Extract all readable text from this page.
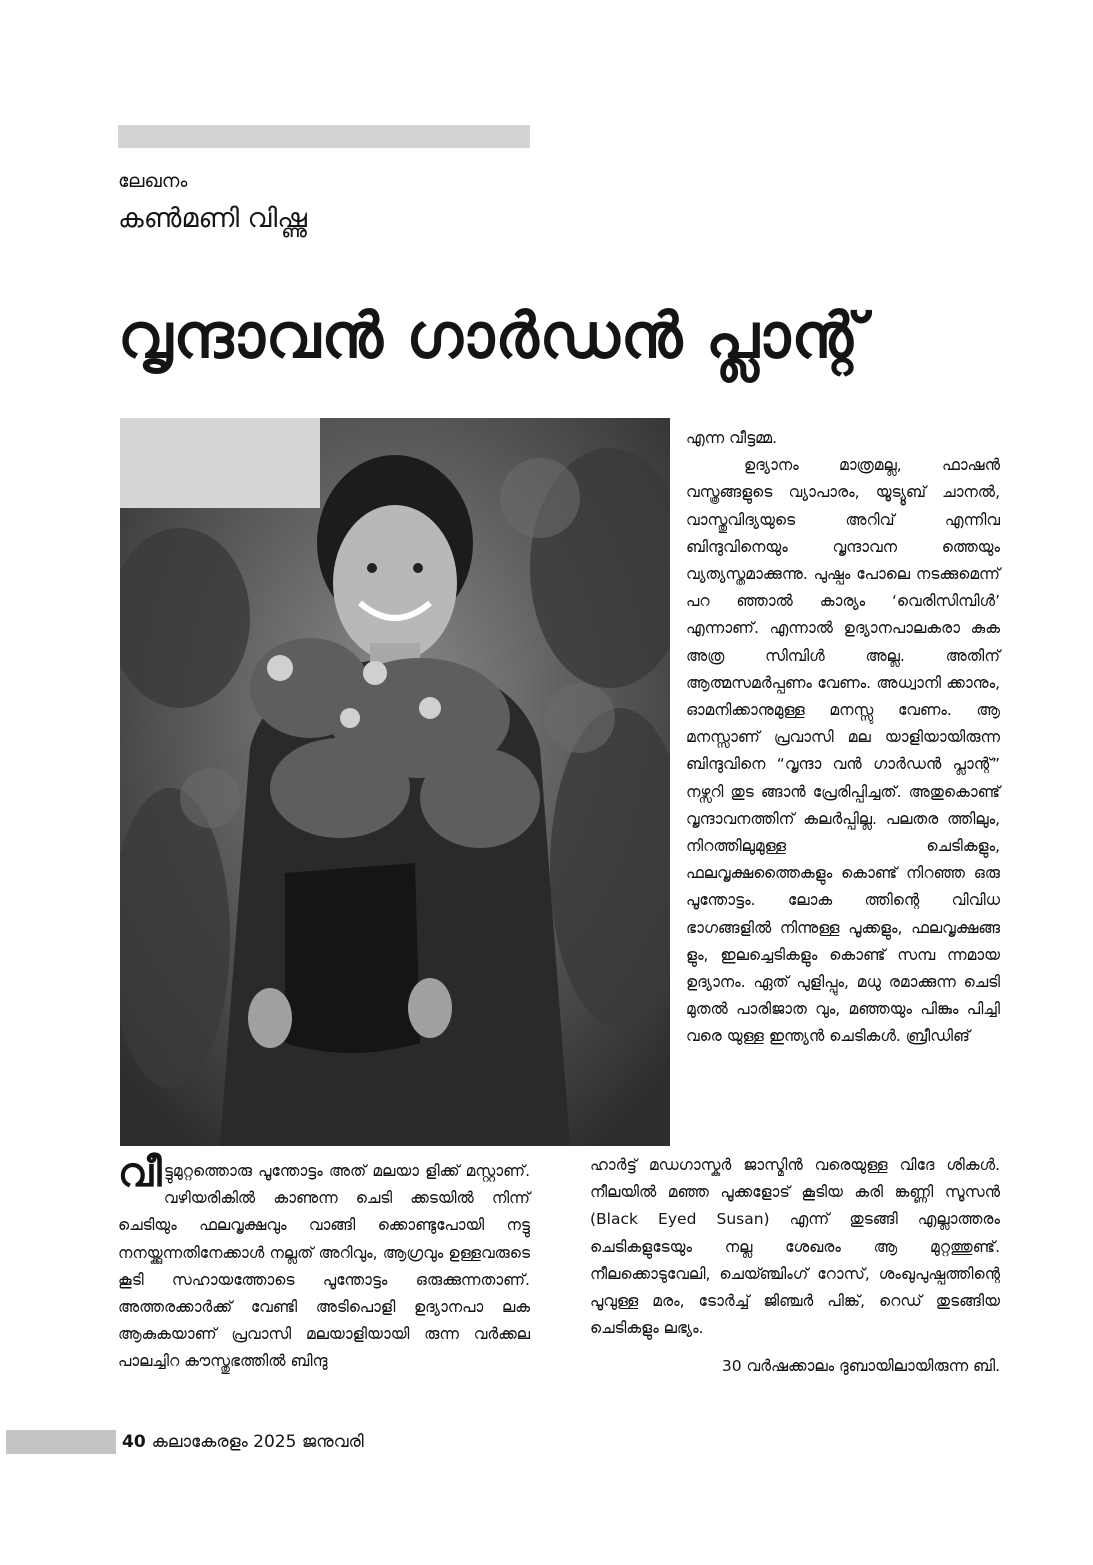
ലേഖനം

കൺമണി വിഷ്ണു

വൃന്ദാവൻ ഗാർഡൻ പ്ലാന്റ്

എന്ന വീട്ടമ്മ.

ഉദ്യാനം മാത്രമല്ല, ഫാഷൻ വസ്ത്രങ്ങളുടെ വ്യാപാരം, യൂട്യൂബ് ചാനൽ, വാസ്തുവിദ്യയുടെ അറിവ് എന്നിവ ബിന്ദുവിനെയും വൃന്ദാവന ത്തെയും വ്യത്യസ്തമാക്കുന്നു. പുഷ്പം പോലെ നടക്കുമെന്ന് പറ ഞ്ഞാൽ കാര്യം ‘വെരിസിമ്പിൾ’ എന്നാണ്. എന്നാൽ ഉദ്യാനപാലകരാ കുക അത്ര സിമ്പിൾ അല്ല. അതിന് ആത്മസമർപ്പണം വേണം. അധ്വാനി ക്കാനും, ഓമനിക്കാനുമുള്ള മനസ്സു വേണം. ആ മനസ്സാണ് പ്രവാസി മല യാളിയായിരുന്ന ബിന്ദുവിനെ “വൃന്ദാ വൻ ഗാർഡൻ പ്ലാന്റ്” നഴ്സറി തുട ങ്ങാൻ പ്രേരിപ്പിച്ചത്. അതുകൊണ്ട് വൃന്ദാവനത്തിന് കലർപ്പില്ല. പലതര ത്തിലും, നിറത്തിലുമുള്ള ചെടികളും, ഫലവൃക്ഷത്തൈകളും കൊണ്ട് നിറഞ്ഞ ഒരു പൂന്തോട്ടം. ലോക ത്തിന്റെ വിവിധ ഭാഗങ്ങളിൽ നിന്നുള്ള പൂക്കളും, ഫലവൃക്ഷങ്ങ ളും, ഇലച്ചെടികളും കൊണ്ട് സമ്പ ന്നമായ ഉദ്യാനം. ഏത് പുളിപ്പും, മധു രമാക്കുന്ന ചെടി മുതൽ പാരിജാത വും, മഞ്ഞയും പിങ്കും പിച്ചി വരെ യുള്ള ഇന്ത്യൻ ചെടികൾ. ബ്രീഡിങ്

വീട്ടുമുറ്റത്തൊരു പൂന്തോട്ടം അത് മലയാ ളിക്ക് മസ്റ്റാണ്. വഴിയരികിൽ കാണുന്ന ചെടി ക്കടയിൽ നിന്ന് ചെടിയും ഫലവൃക്ഷവും വാങ്ങി ക്കൊണ്ടുപോയി നട്ടു നനയ്ക്കുന്നതിനേക്കാൾ നല്ലത് അറിവും, ആഗ്രവും ഉള്ളവരുടെ കൂടി സഹായത്തോടെ പൂന്തോട്ടം ഒരുക്കുന്നതാണ്. അത്തരക്കാർക്ക് വേണ്ടി അടിപൊളി ഉദ്യാനപാ ലക ആകുകയാണ് പ്രവാസി മലയാളിയായി രുന്ന വർക്കല പാലച്ചിറ കൗസ്തുഭത്തിൽ ബിന്ദു

ഹാർട്ട് മഡഗാസ്കർ ജാസ്മിൻ വരെയുള്ള വിദേ ശികൾ. നീലയിൽ മഞ്ഞ പൂക്കളോട് കൂടിയ കരി ങ്കണ്ണി സൂസൻ (Black Eyed Susan) എന്ന് തുടങ്ങി എല്ലാത്തരം ചെടികളുടേയും നല്ല ശേഖരം ആ മുറ്റത്തുണ്ട്. നീലക്കൊടുവേലി, ചെയ്ഞ്ചിംഗ് റോസ്, ശംഖുപുഷ്പത്തിന്റെ പൂവുള്ള മരം, ടോർച്ച് ജിഞ്ചർ പിങ്ക്, റെഡ് തുടങ്ങിയ ചെടികളും ലഭ്യം.

30 വർഷക്കാലം ദുബായിലായിരുന്ന ബി.

40 കലാകേരളം 2025 ജനുവരി
